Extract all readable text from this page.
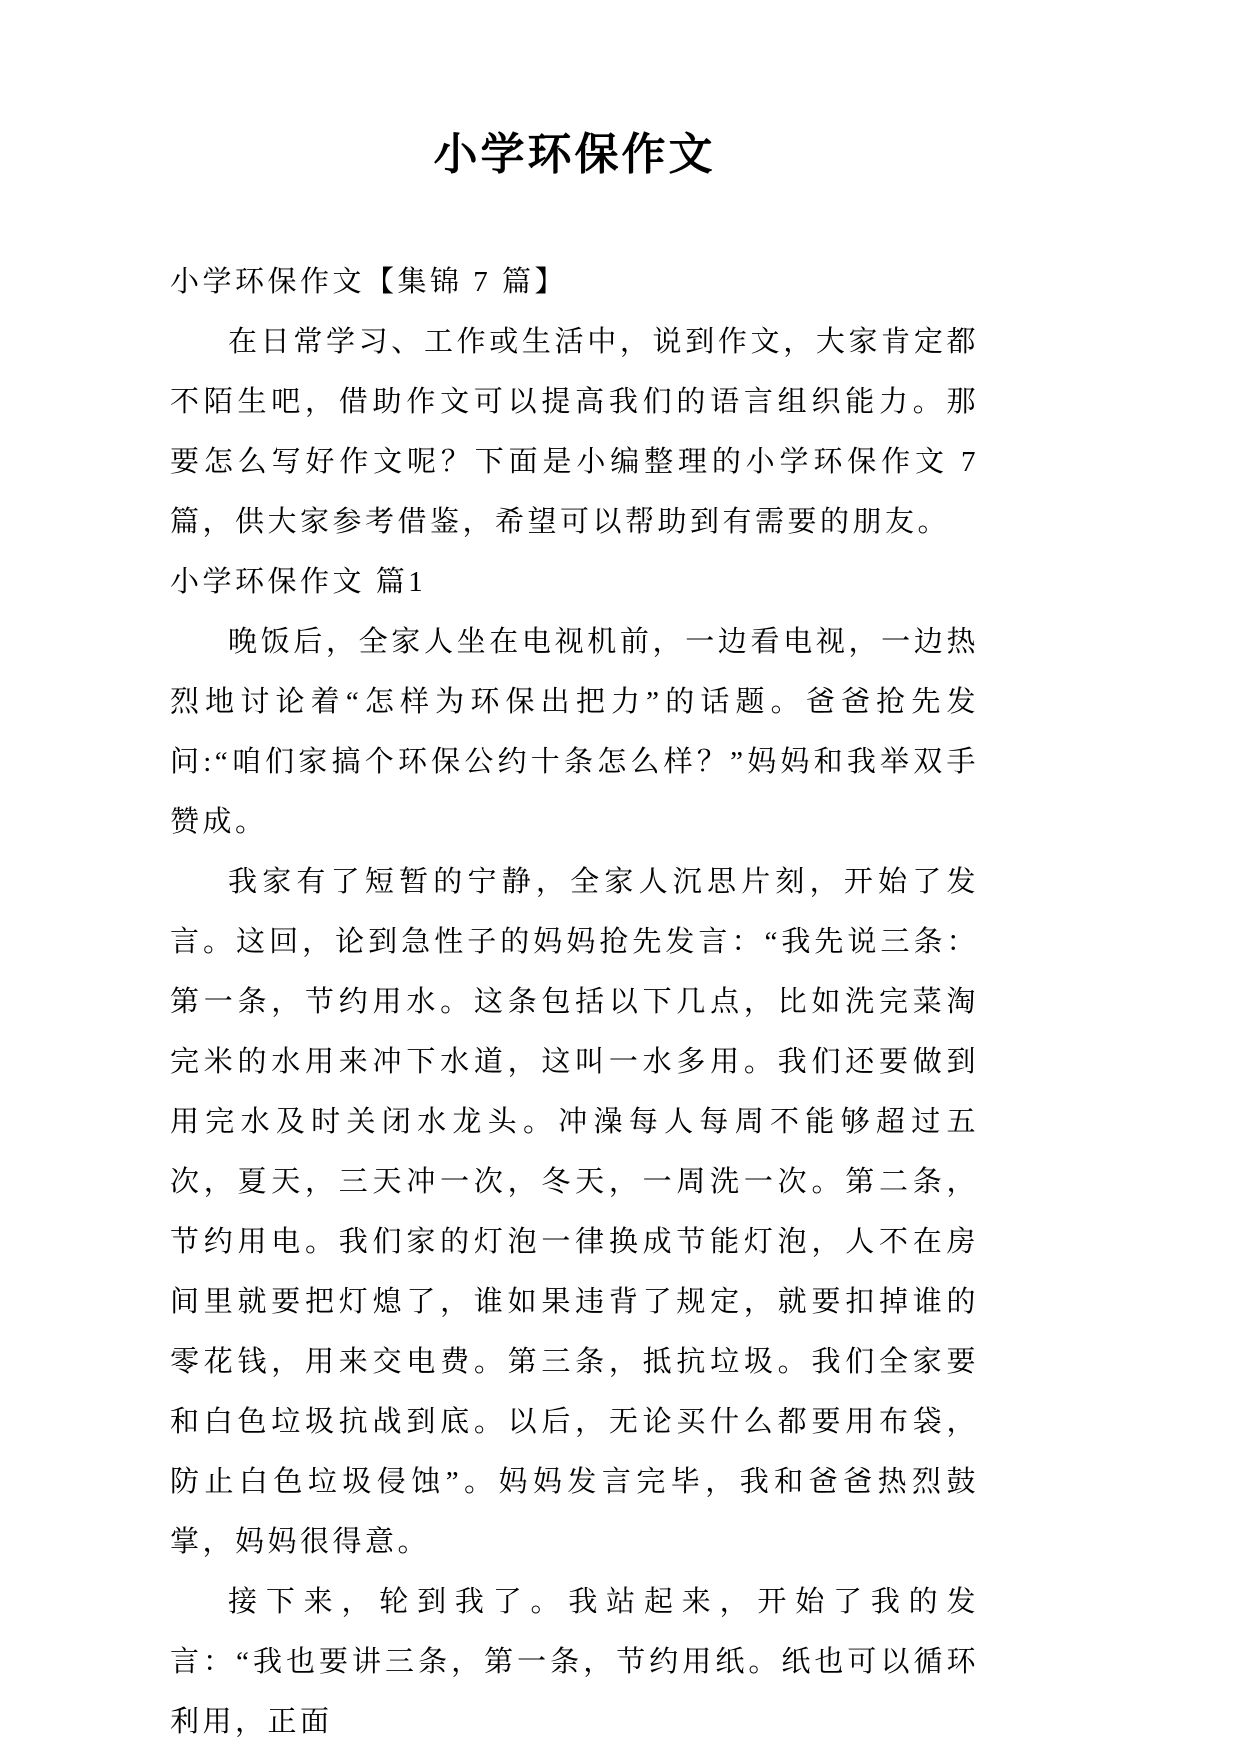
小学环保作文

小学环保作文【集锦 7 篇】

在日常学习、工作或生活中，说到作文，大家肯定都不陌生吧，借助作文可以提高我们的语言组织能力。那要怎么写好作文呢？下面是小编整理的小学环保作文 7 篇，供大家参考借鉴，希望可以帮助到有需要的朋友。

小学环保作文 篇1

晚饭后，全家人坐在电视机前，一边看电视，一边热烈地讨论着“怎样为环保出把力”的话题。爸爸抢先发问:“咱们家搞个环保公约十条怎么样？”妈妈和我举双手赞成。

我家有了短暂的宁静，全家人沉思片刻，开始了发言。这回，论到急性子的妈妈抢先发言：“我先说三条：第一条，节约用水。这条包括以下几点，比如洗完菜淘完米的水用来冲下水道，这叫一水多用。我们还要做到用完水及时关闭水龙头。冲澡每人每周不能够超过五次，夏天，三天冲一次，冬天，一周洗一次。第二条，节约用电。我们家的灯泡一律换成节能灯泡，人不在房间里就要把灯熄了，谁如果违背了规定，就要扣掉谁的零花钱，用来交电费。第三条，抵抗垃圾。我们全家要和白色垃圾抗战到底。以后，无论买什么都要用布袋，防止白色垃圾侵蚀”。妈妈发言完毕，我和爸爸热烈鼓掌，妈妈很得意。

接下来，轮到我了。我站起来，开始了我的发言：“我也要讲三条，第一条，节约用纸。纸也可以循环利用，正面
